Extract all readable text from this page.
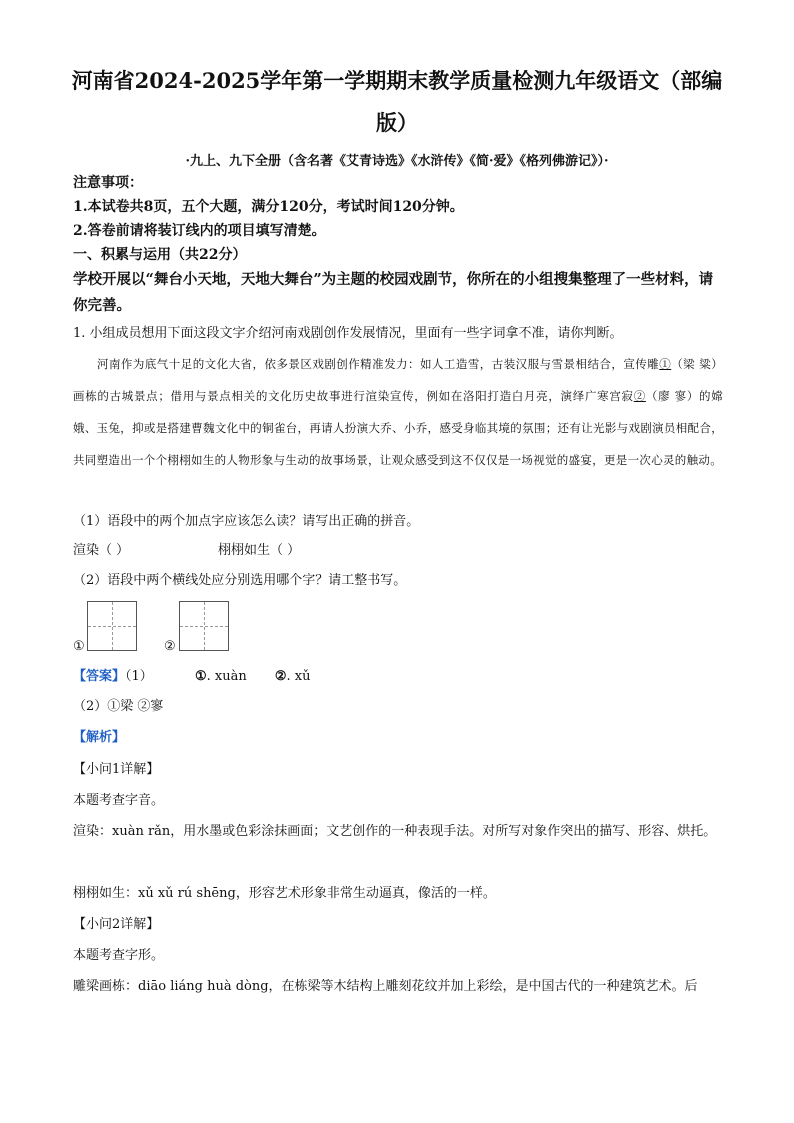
河南省2024-2025学年第一学期期末教学质量检测九年级语文（部编
版）
·九上、九下全册（含名著《艾青诗选》《水浒传》《简·爱》《格列佛游记》）·
注意事项：
1.本试卷共8页，五个大题，满分120分，考试时间120分钟。
2.答卷前请将装订线内的项目填写清楚。
一、积累与运用（共22分）
学校开展以“舞台小天地，天地大舞台”为主题的校园戏剧节，你所在的小组搜集整理了一些材料，请你完善。
1. 小组成员想用下面这段文字介绍河南戏剧创作发展情况，里面有一些字词拿不准，请你判断。
河南作为底气十足的文化大省，依多景区戏剧创作精准发力：如人工造雪，古装汉服与雪景相结合，宣传雕①（梁 粱）画栋的古城景点；借用与景点相关的文化历史故事进行渲染宣传，例如在洛阳打造白月亮，演绎广寒宫寂②（廖 寥）的嫦娥、玉兔，抑或是搭建曹魏文化中的铜雀台，再请人扮演大乔、小乔，感受身临其境的氛围；还有让光影与戏剧演员相配合，共同塑造出一个个栩栩如生的人物形象与生动的故事场景，让观众感受到这不仅仅是一场视觉的盛宴，更是一次心灵的触动。
（1）语段中的两个加点字应该怎么读？请写出正确的拼音。
渲染（ ）	栩栩如生（ ）
（2）语段中两个横线处应分别选用哪个字？请工整书写。
①	②
【答案】（1）	①. xuàn ②. xǔ
（2）①梁 ②寥
【解析】
【小问1详解】
本题考查字音。
渲染：xuàn rǎn，用水墨或色彩涂抹画面；文艺创作的一种表现手法。对所写对象作突出的描写、形容、烘托。
栩栩如生：xǔ xǔ rú shēng，形容艺术形象非常生动逼真，像活的一样。
【小问2详解】
本题考查字形。
雕梁画栋：diāo liáng huà dòng，在栋梁等木结构上雕刻花纹并加上彩绘，是中国古代的一种建筑艺术。后
